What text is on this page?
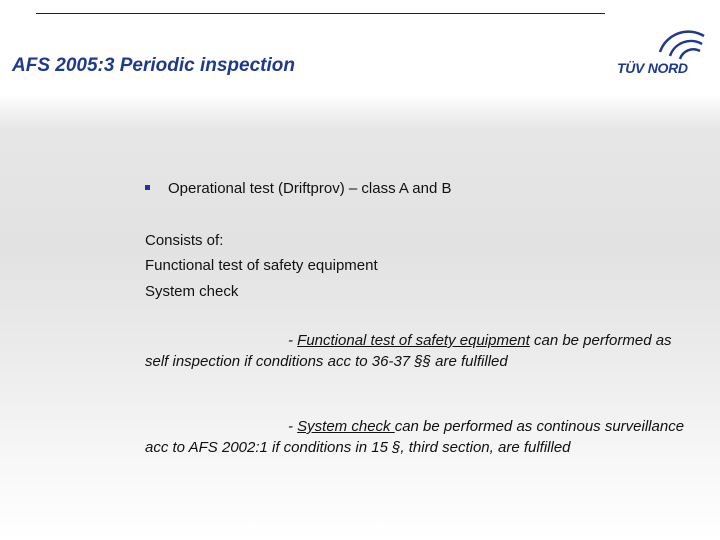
AFS 2005:3 Periodic inspection	TÜV NORD
Operational test (Driftprov) – class A and B
Consists of:
Functional test of safety equipment
System check
- Functional test of safety equipment can be performed as self inspection if conditions acc to 36-37 §§ are fulfilled
- System check can be performed as continous surveillance acc to AFS 2002:1 if conditions in 15 §, third section, are fulfilled
